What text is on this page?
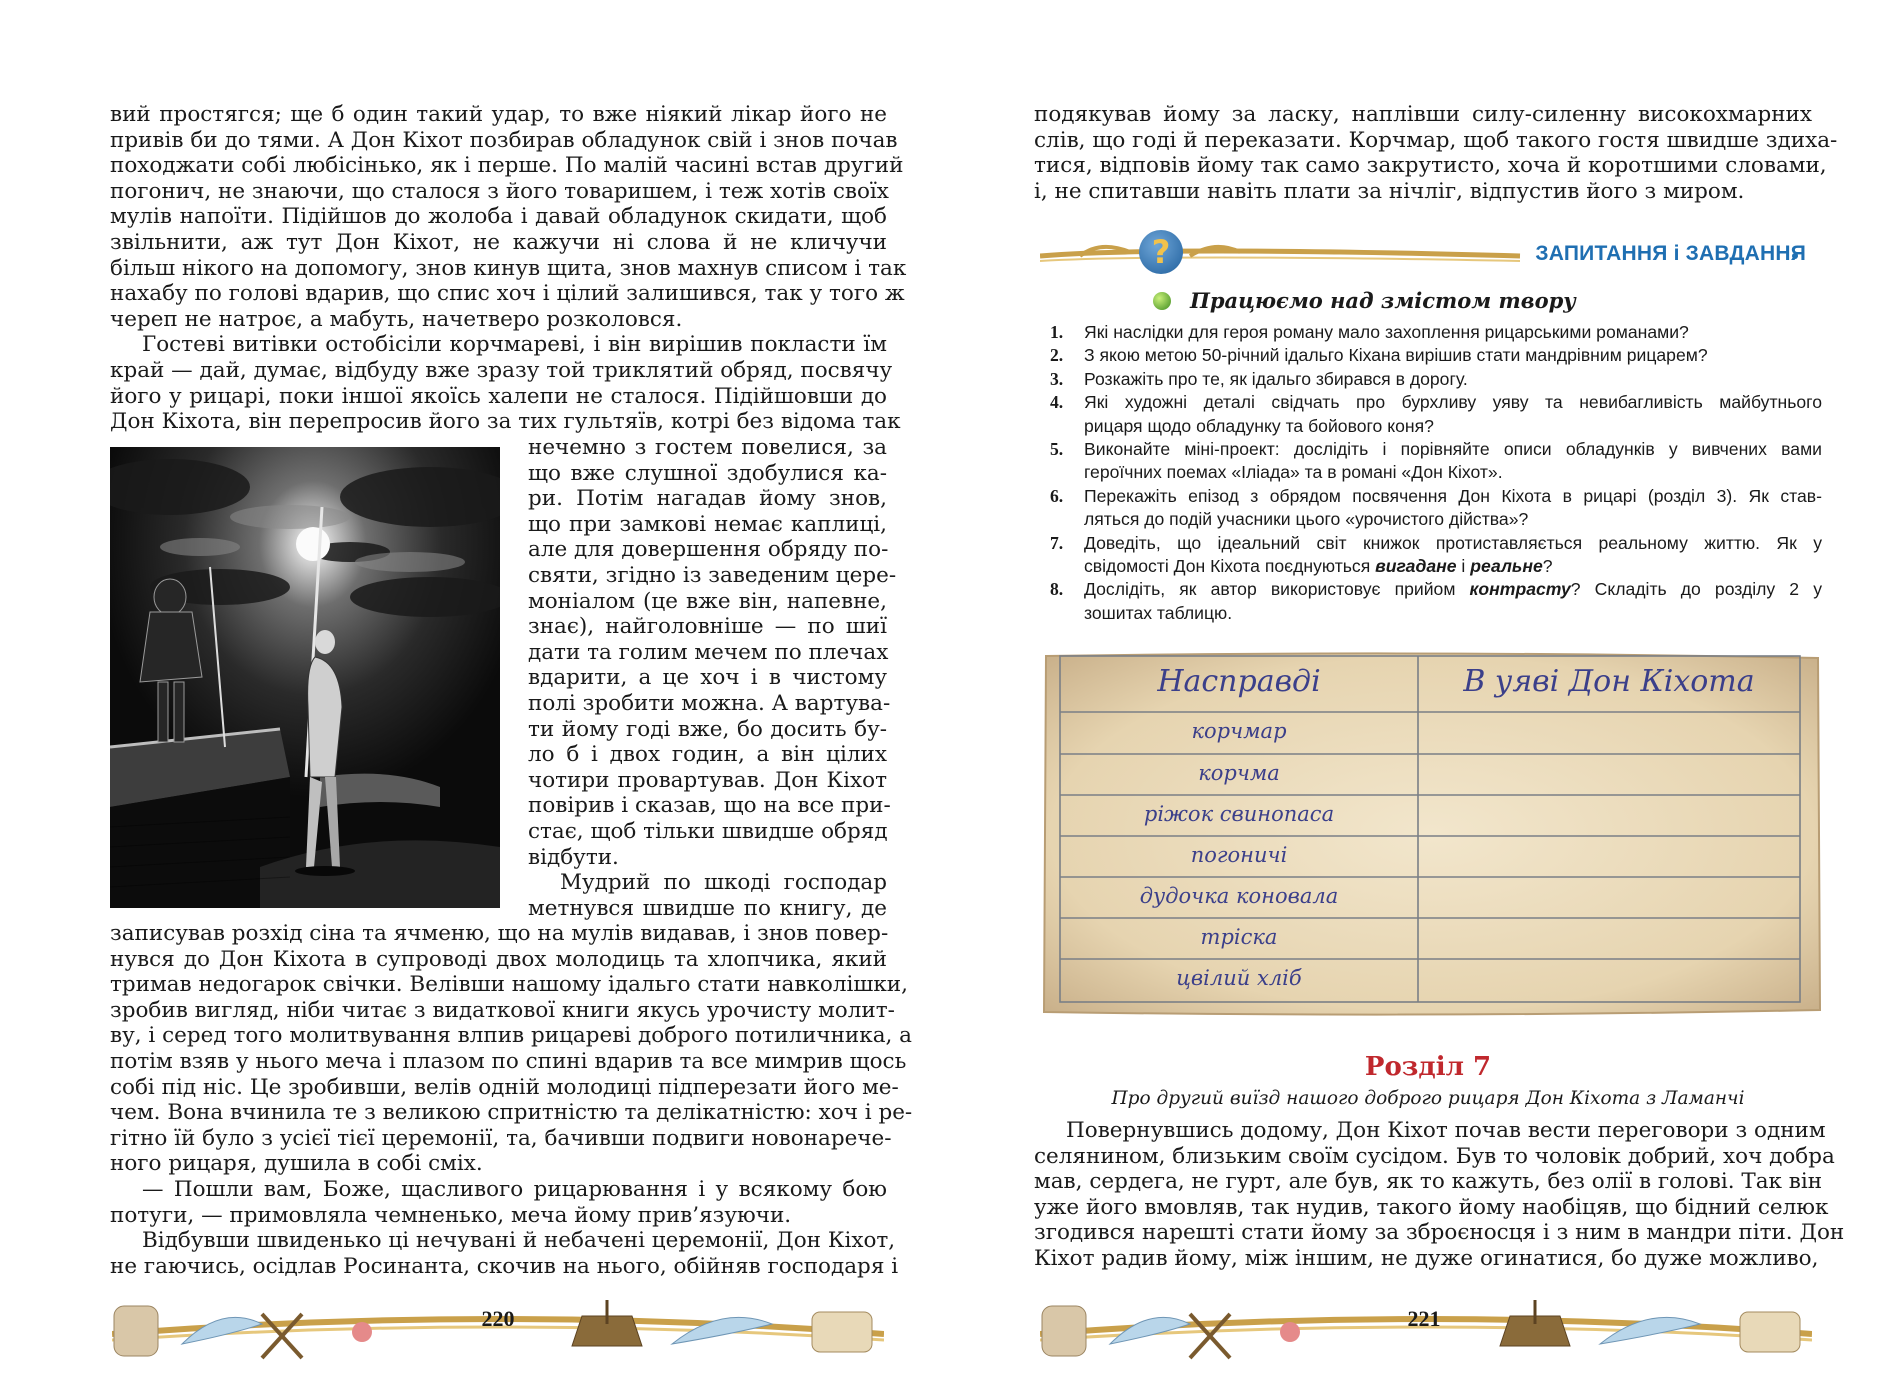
вий простягся; ще б один такий удар, то вже ніякий лікар його не
привів би до тями. А Дон Кіхот позбирав обладунок свій і знов почав
походжати собі любісінько, як і перше. По малій часині встав другий
погонич, не знаючи, що сталося з його товаришем, і теж хотів своїх
мулів напоїти. Підійшов до жолоба і давай обладунок скидати, щоб
звільнити, аж тут Дон Кіхот, не кажучи ні слова й не кличучи
більш нікого на допомогу, знов кинув щита, знов махнув списом і так
нахабу по голові вдарив, що спис хоч і цілий залишився, так у того ж
череп не натроє, а мабуть, начетверо розколовся.
Гостеві витівки остобісіли корчмареві, і він вирішив покласти їм
край — дай, думає, відбуду вже зразу той триклятий обряд, посвячу
його у рицарі, поки іншої якоїсь халепи не сталося. Підійшовши до
Дон Кіхота, він перепросив його за тих гультяїв, котрі без відома так
нечемно з гостем повелися, за
що вже слушної здобулися ка-
ри. Потім нагадав йому знов,
що при замкові немає каплиці,
але для довершення обряду по-
святи, згідно із заведеним цере-
моніалом (це вже він, напевне,
знає), найголовніше — по шиї
дати та голим мечем по плечах
вдарити, а це хоч і в чистому
полі зробити можна. А вартува-
ти йому годі вже, бо досить бу-
ло б і двох годин, а він цілих
чотири провартував. Дон Кіхот
повірив і сказав, що на все при-
стає, щоб тільки швидше обряд
відбути.
Мудрий по шкоді господар
метнувся швидше по книгу, де
записував розхід сіна та ячменю, що на мулів видавав, і знов повер-
нувся до Дон Кіхота в супроводі двох молодиць та хлопчика, який
тримав недогарок свічки. Велівши нашому ідальго стати навколішки,
зробив вигляд, ніби читає з видаткової книги якусь урочисту молит-
ву, і серед того молитвування влпив рицареві доброго потиличника, а
потім взяв у нього меча і плазом по спині вдарив та все мимрив щось
собі під ніс. Це зробивши, велів одній молодиці підперезати його ме-
чем. Вона вчинила те з великою спритністю та делікатністю: хоч і ре-
гітно їй було з усієї тієї церемонії, та, бачивши подвиги новонарече-
ного рицаря, душила в собі сміх.
— Пошли вам, Боже, щасливого рицарювання і у всякому бою
потуги, — примовляла чемненько, меча йому прив’язуючи.
Відбувши швиденько ці нечувані й небачені церемонії, Дон Кіхот,
не гаючись, осідлав Росинанта, скочив на нього, обійняв господаря і
220
подякував йому за ласку, наплівши силу-силенну високохмарних
слів, що годі й переказати. Корчмар, щоб такого гостя швидше здиха-
тися, відповів йому так само закрутисто, хоча й коротшими словами,
і, не спитавши навіть плати за нічліг, відпустив його з миром.
?	ЗАПИТАННЯ і ЗАВДАННЯ
Працюємо над змістом твору
1. Які наслідки для героя роману мало захоплення рицарськими романами?
2. З якою метою 50-річний ідальго Кіхана вирішив стати мандрівним рицарем?
3. Розкажіть про те, як ідальго збирався в дорогу.
4. Які художні деталі свідчать про бурхливу уяву та невибагливість майбутнього
рицаря щодо обладунку та бойового коня?
5. Виконайте міні-проект: дослідіть і порівняйте описи обладунків у вивчених вами
героїчних поемах «Іліада» та в романі «Дон Кіхот».
6. Перекажіть епізод з обрядом посвячення Дон Кіхота в рицарі (розділ 3). Як став-
ляться до подій учасники цього «урочистого дійства»?
7. Доведіть, що ідеальний світ книжок протиставляється реальному життю. Як у
свідомості Дон Кіхота поєднуються вигадане і реальне?
8. Дослідіть, як автор використовує прийом контрасту? Складіть до розділу 2 у
зошитах таблицю.
Насправді	В уяві Дон Кіхота
корчмар
корчма
ріжок свинопаса
погоничі
дудочка коновала
тріска
цвілий хліб
Розділ 7
Про другий виїзд нашого доброго рицаря Дон Кіхота з Ламанчі
Повернувшись додому, Дон Кіхот почав вести переговори з одним
селянином, близьким своїм сусідом. Був то чоловік добрий, хоч добра
мав, сердега, не гурт, але був, як то кажуть, без олії в голові. Так він
уже його вмовляв, так нудив, такого йому наобіцяв, що бідний селюк
згодився нарешті стати йому за зброєносця і з ним в мандри піти. Дон
Кіхот радив йому, між іншим, не дуже огинатися, бо дуже можливо,
221
